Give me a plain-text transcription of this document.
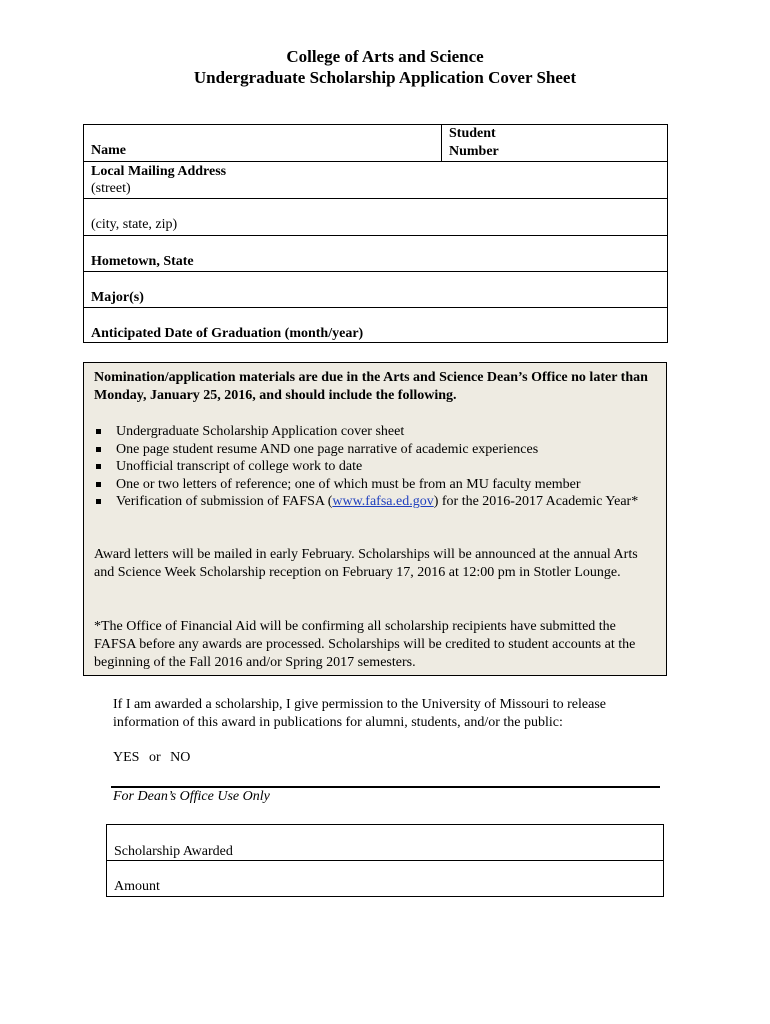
College of Arts and Science
Undergraduate Scholarship Application Cover Sheet
Name
Student
Number
Local Mailing Address
(street)
(city, state, zip)
Hometown, State
Major(s)
Anticipated Date of Graduation (month/year)
Nomination/application materials are due in the Arts and Science Dean’s Office no later than Monday, January 25, 2016, and should include the following.
Undergraduate Scholarship Application cover sheet
One page student resume AND one page narrative of academic experiences
Unofficial transcript of college work to date
One or two letters of reference; one of which must be from an MU faculty member
Verification of submission of FAFSA (www.fafsa.ed.gov) for the 2016-2017 Academic Year*
Award letters will be mailed in early February. Scholarships will be announced at the annual Arts and Science Week Scholarship reception on February 17, 2016 at 12:00 pm in Stotler Lounge.
*The Office of Financial Aid will be confirming all scholarship recipients have submitted the FAFSA before any awards are processed. Scholarships will be credited to student accounts at the beginning of the Fall 2016 and/or Spring 2017 semesters.
If I am awarded a scholarship, I give permission to the University of Missouri to release information of this award in publications for alumni, students, and/or the public:
YES or NO
For Dean’s Office Use Only
Scholarship Awarded
Amount
